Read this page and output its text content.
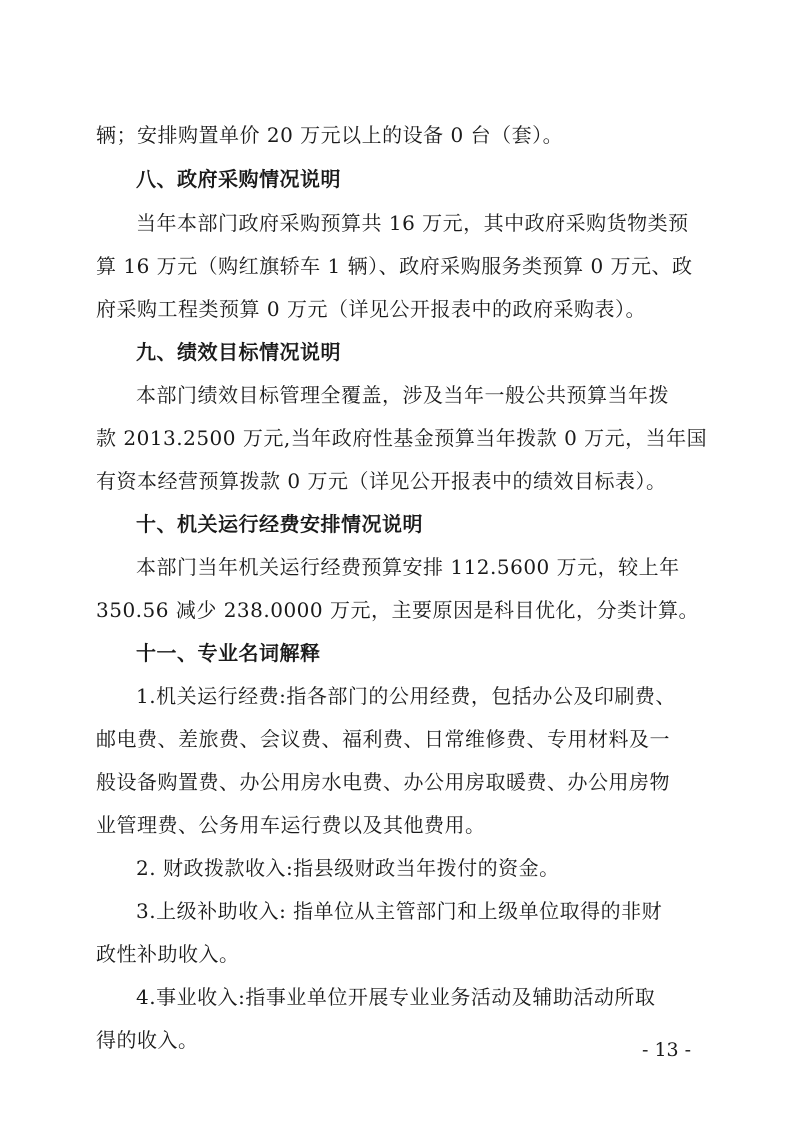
辆；安排购置单价 20 万元以上的设备 0 台（套）。
八、政府采购情况说明
当年本部门政府采购预算共 16 万元，其中政府采购货物类预
算 16 万元（购红旗轿车 1 辆）、政府采购服务类预算 0 万元、政
府采购工程类预算 0 万元（详见公开报表中的政府采购表）。
九、绩效目标情况说明
本部门绩效目标管理全覆盖，涉及当年一般公共预算当年拨
款 2013.2500 万元,当年政府性基金预算当年拨款 0 万元，当年国
有资本经营预算拨款 0 万元（详见公开报表中的绩效目标表）。
十、机关运行经费安排情况说明
本部门当年机关运行经费预算安排 112.5600 万元，较上年
350.56 减少 238.0000 万元，主要原因是科目优化，分类计算。
十一、专业名词解释
1.机关运行经费:指各部门的公用经费，包括办公及印刷费、
邮电费、差旅费、会议费、福利费、日常维修费、专用材料及一
般设备购置费、办公用房水电费、办公用房取暖费、办公用房物
业管理费、公务用车运行费以及其他费用。
2. 财政拨款收入:指县级财政当年拨付的资金。
3.上级补助收入: 指单位从主管部门和上级单位取得的非财
政性补助收入。
4.事业收入:指事业单位开展专业业务活动及辅助活动所取
得的收入。	- 13 -
